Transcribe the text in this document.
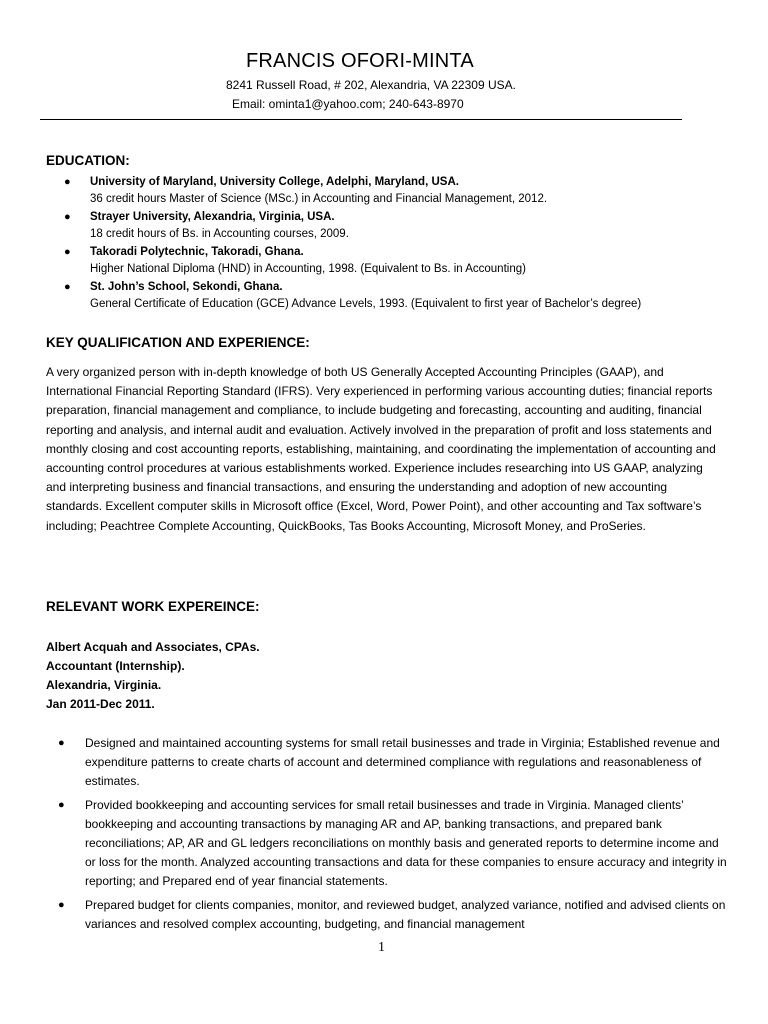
FRANCIS OFORI-MINTA
8241 Russell Road, # 202, Alexandria, VA 22309 USA.
Email: ominta1@yahoo.com; 240-643-8970
EDUCATION:
● University of Maryland, University College, Adelphi, Maryland, USA.
36 credit hours Master of Science (MSc.) in Accounting and Financial Management, 2012.
● Strayer University, Alexandria, Virginia, USA.
18 credit hours of Bs. in Accounting courses, 2009.
● Takoradi Polytechnic, Takoradi, Ghana.
Higher National Diploma (HND) in Accounting, 1998. (Equivalent to Bs. in Accounting)
● St. John’s School, Sekondi, Ghana.
General Certificate of Education (GCE) Advance Levels, 1993. (Equivalent to first year of Bachelor’s degree)
KEY QUALIFICATION AND EXPERIENCE:

A very organized person with in-depth knowledge of both US Generally Accepted Accounting Principles (GAAP), and International Financial Reporting Standard (IFRS). Very experienced in performing various accounting duties; financial reports preparation, financial management and compliance, to include budgeting and forecasting, accounting and auditing, financial reporting and analysis, and internal audit and evaluation. Actively involved in the preparation of profit and loss statements and monthly closing and cost accounting reports, establishing, maintaining, and coordinating the implementation of accounting and accounting control procedures at various establishments worked. Experience includes researching into US GAAP, analyzing and interpreting business and financial transactions, and ensuring the understanding and adoption of new accounting standards. Excellent computer skills in Microsoft office (Excel, Word, Power Point), and other accounting and Tax software’s including; Peachtree Complete Accounting, QuickBooks, Tas Books Accounting, Microsoft Money, and ProSeries.

RELEVANT WORK EXPEREINCE:
Albert Acquah and Associates, CPAs.
Accountant (Internship).
Alexandria, Virginia.
Jan 2011-Dec 2011.
● Designed and maintained accounting systems for small retail businesses and trade in Virginia; Established revenue and expenditure patterns to create charts of account and determined compliance with regulations and reasonableness of estimates.
● Provided bookkeeping and accounting services for small retail businesses and trade in Virginia. Managed clients’ bookkeeping and accounting transactions by managing AR and AP, banking transactions, and prepared bank reconciliations; AP, AR and GL ledgers reconciliations on monthly basis and generated reports to determine income and or loss for the month. Analyzed accounting transactions and data for these companies to ensure accuracy and integrity in reporting; and Prepared end of year financial statements.
● Prepared budget for clients companies, monitor, and reviewed budget, analyzed variance, notified and advised clients on variances and resolved complex accounting, budgeting, and financial management
1
